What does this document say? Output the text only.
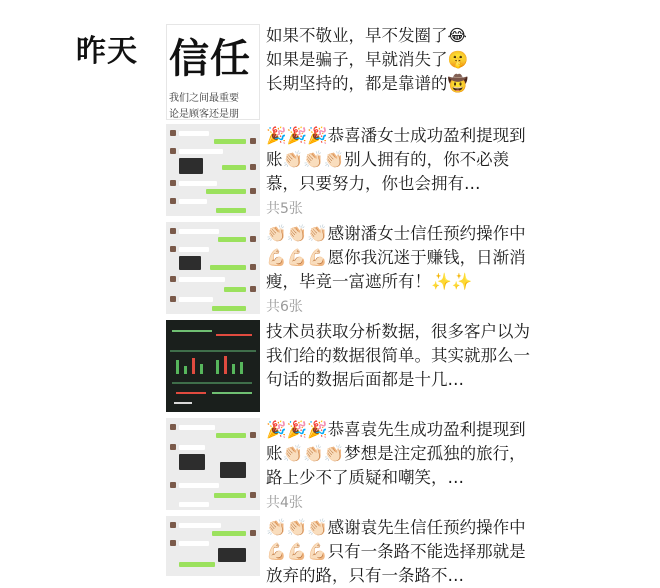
昨天 信任
我们之间最重要
论是顾客还是朋
如果不敬业，早不发圈了😂
如果是骗子，早就消失了🤫
长期坚持的，都是靠谱的🤠
🎉🎉🎉恭喜潘女士成功盈利提现到账👏🏻👏🏻👏🏻别人拥有的，你不必羡慕，只要努力，你也会拥有…
共5张
👏🏻👏🏻👏🏻感谢潘女士信任预约操作中💪🏻💪🏻💪🏻愿你我沉迷于赚钱，日渐消瘦，毕竟一富遮所有！✨✨
共6张
技术员获取分析数据，很多客户以为我们给的数据很简单。其实就那么一句话的数据后面都是十几…
🎉🎉🎉恭喜袁先生成功盈利提现到账👏🏻👏🏻👏🏻梦想是注定孤独的旅行，路上少不了质疑和嘲笑，…
共4张
👏🏻👏🏻👏🏻感谢袁先生信任预约操作中💪🏻💪🏻💪🏻只有一条路不能选择那就是放弃的路，只有一条路不…
